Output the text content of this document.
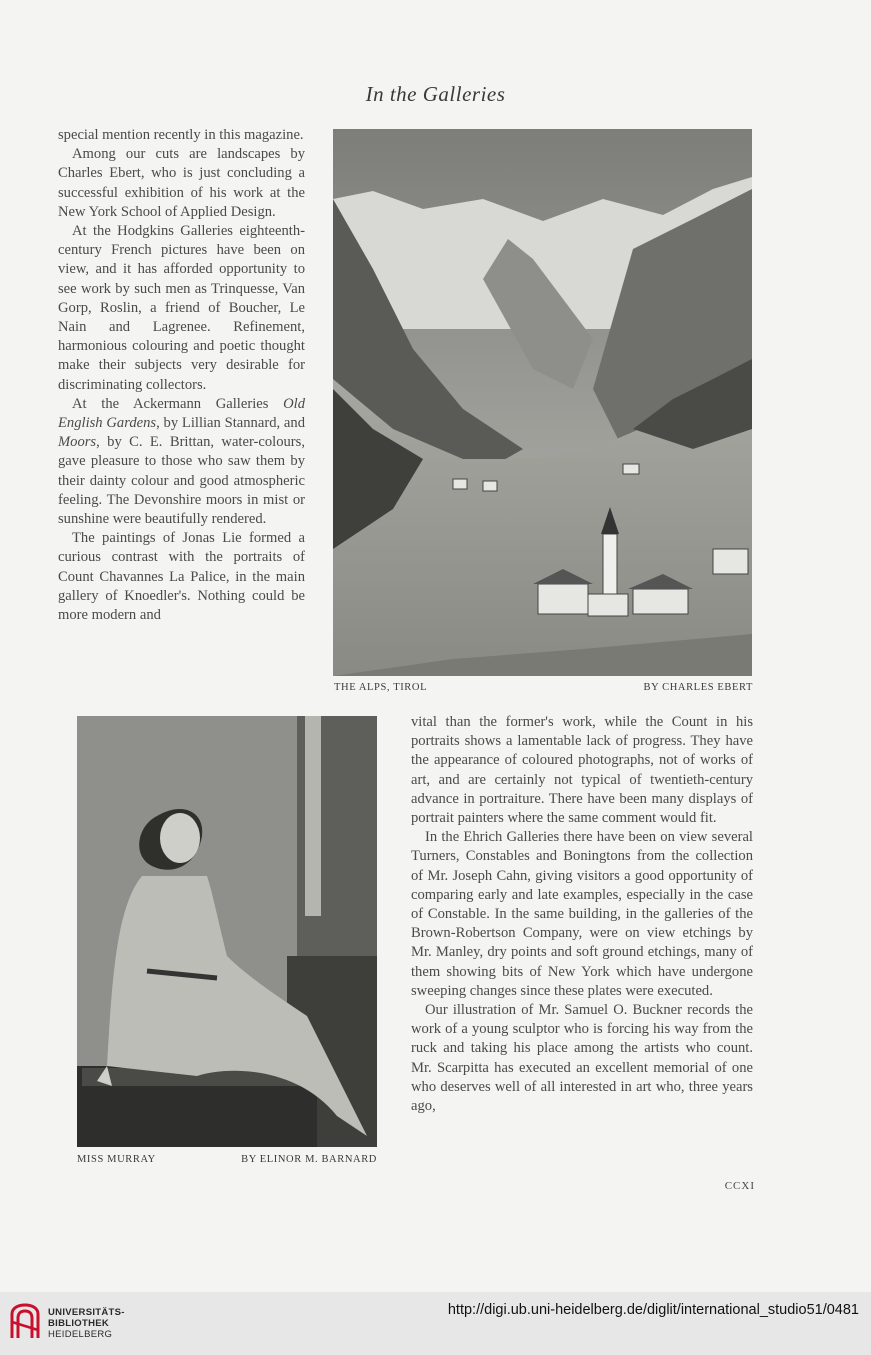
In the Galleries

special mention recently in this magazine.

Among our cuts are landscapes by Charles Ebert, who is just concluding a successful exhibition of his work at the New York School of Applied Design.

At the Hodgkins Galleries eighteenth-century French pictures have been on view, and it has afforded opportunity to see work by such men as Trinquesse, Van Gorp, Roslin, a friend of Boucher, Le Nain and Lagrenee. Refinement, harmonious colouring and poetic thought make their subjects very desirable for discriminating collectors.

At the Ackermann Galleries Old English Gardens, by Lillian Stannard, and Moors, by C. E. Brittan, water-colours, gave pleasure to those who saw them by their dainty colour and good atmospheric feeling. The Devonshire moors in mist or sunshine were beautifully rendered.

The paintings of Jonas Lie formed a curious contrast with the portraits of Count Chavannes La Palice, in the main gallery of Knoedler's. Nothing could be more modern and

THE ALPS, TIROL	BY CHARLES EBERT
MISS MURRAY	BY ELINOR M. BARNARD

vital than the former's work, while the Count in his portraits shows a lamentable lack of progress. They have the appearance of coloured photographs, not of works of art, and are certainly not typical of twentieth-century advance in portraiture. There have been many displays of portrait painters where the same comment would fit.

In the Ehrich Galleries there have been on view several Turners, Constables and Boningtons from the collection of Mr. Joseph Cahn, giving visitors a good opportunity of comparing early and late examples, especially in the case of Constable. In the same building, in the galleries of the Brown-Robertson Company, were on view etchings by Mr. Manley, dry points and soft ground etchings, many of them showing bits of New York which have undergone sweeping changes since these plates were executed.

Our illustration of Mr. Samuel O. Buckner records the work of a young sculptor who is forcing his way from the ruck and taking his place among the artists who count. Mr. Scarpitta has executed an excellent memorial of one who deserves well of all interested in art who, three years ago,

CCXI
UNIVERSITÄTS-
BIBLIOTHEK
HEIDELBERG
http://digi.ub.uni-heidelberg.de/diglit/international_studio51/0481
